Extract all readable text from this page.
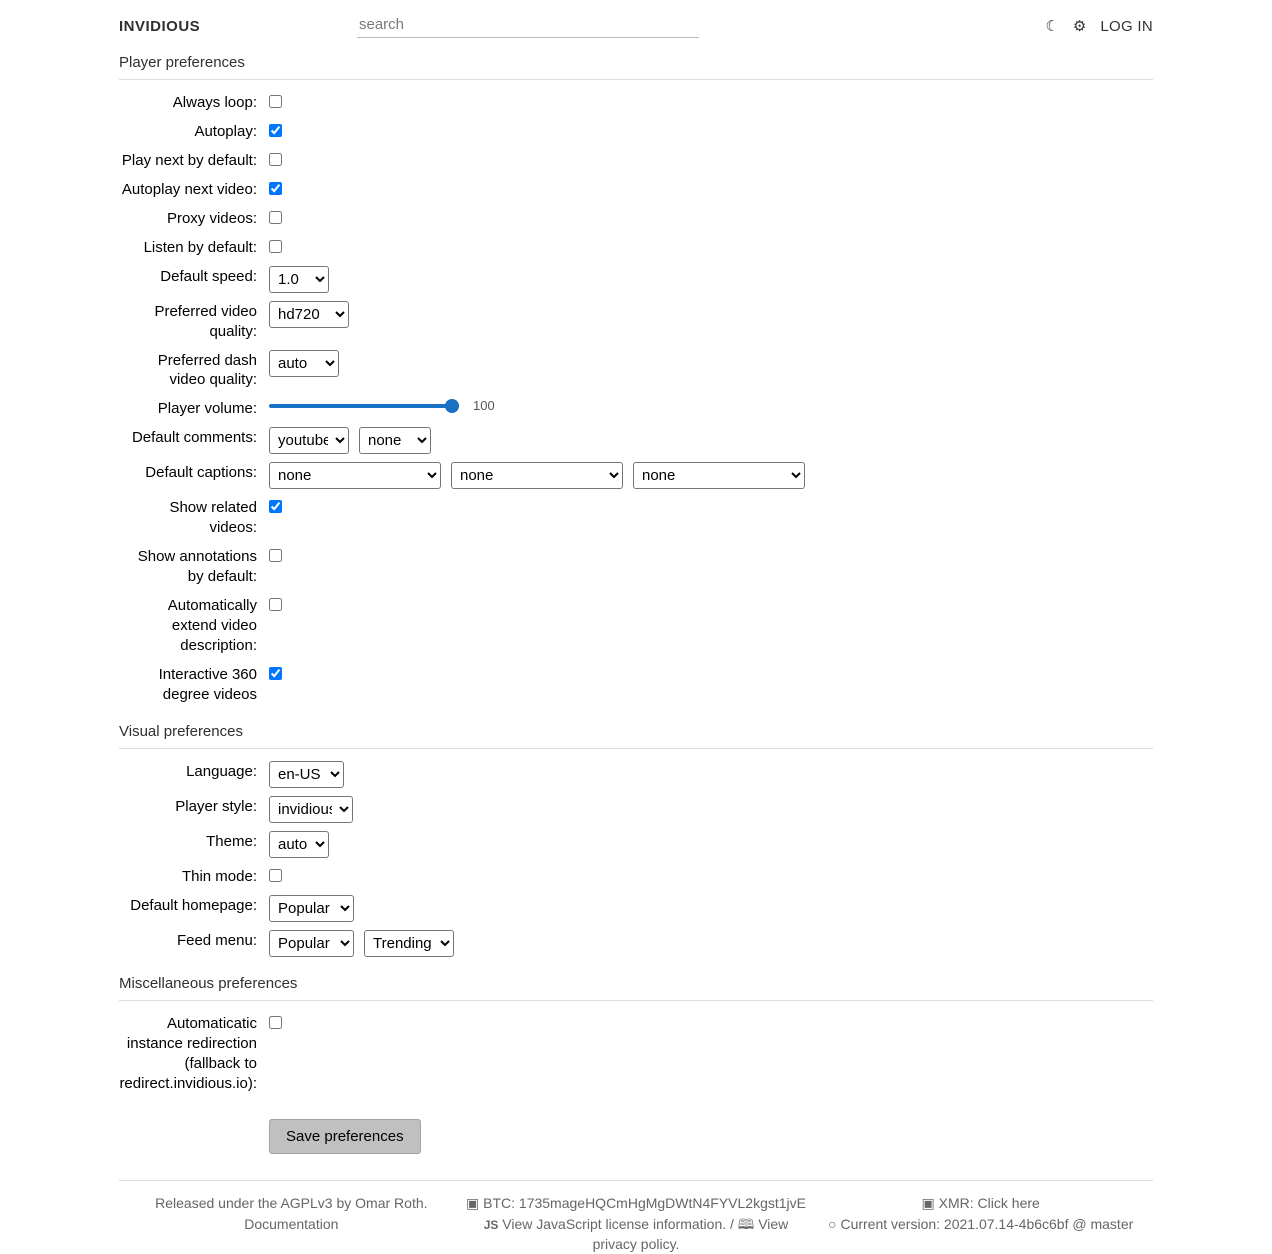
INVIDIOUS
search	☾ ⚙ LOG IN
Player preferences
Always loop:
Autoplay:
Play next by default:
Autoplay next video:
Proxy videos:
Listen by default:
Default speed:
1.0
Preferred video quality:
hd720
Preferred dash video quality:
auto
Player volume:	100
Default comments:
youtube
none
Default captions:
none
none
none
Show related videos:
Show annotations by default:
Automatically extend video description:
Interactive 360 degree videos
Visual preferences
Language:
en-US
Player style:
invidious
Theme:
auto
Thin mode:
Default homepage:
Popular
Feed menu:
Popular
Trending
Miscellaneous preferences
Automaticatic instance redirection (fallback to redirect.invidious.io):
Save preferences
Released under the AGPLv3 by Omar Roth.
Documentation
▣ BTC: 1735mageHQCmHgMgDWtN4FYVL2kgst1jvE
JS View JavaScript license information. / 🕮 View privacy policy.
▣ XMR: Click here
○ Current version: 2021.07.14-4b6c6bf @ master
